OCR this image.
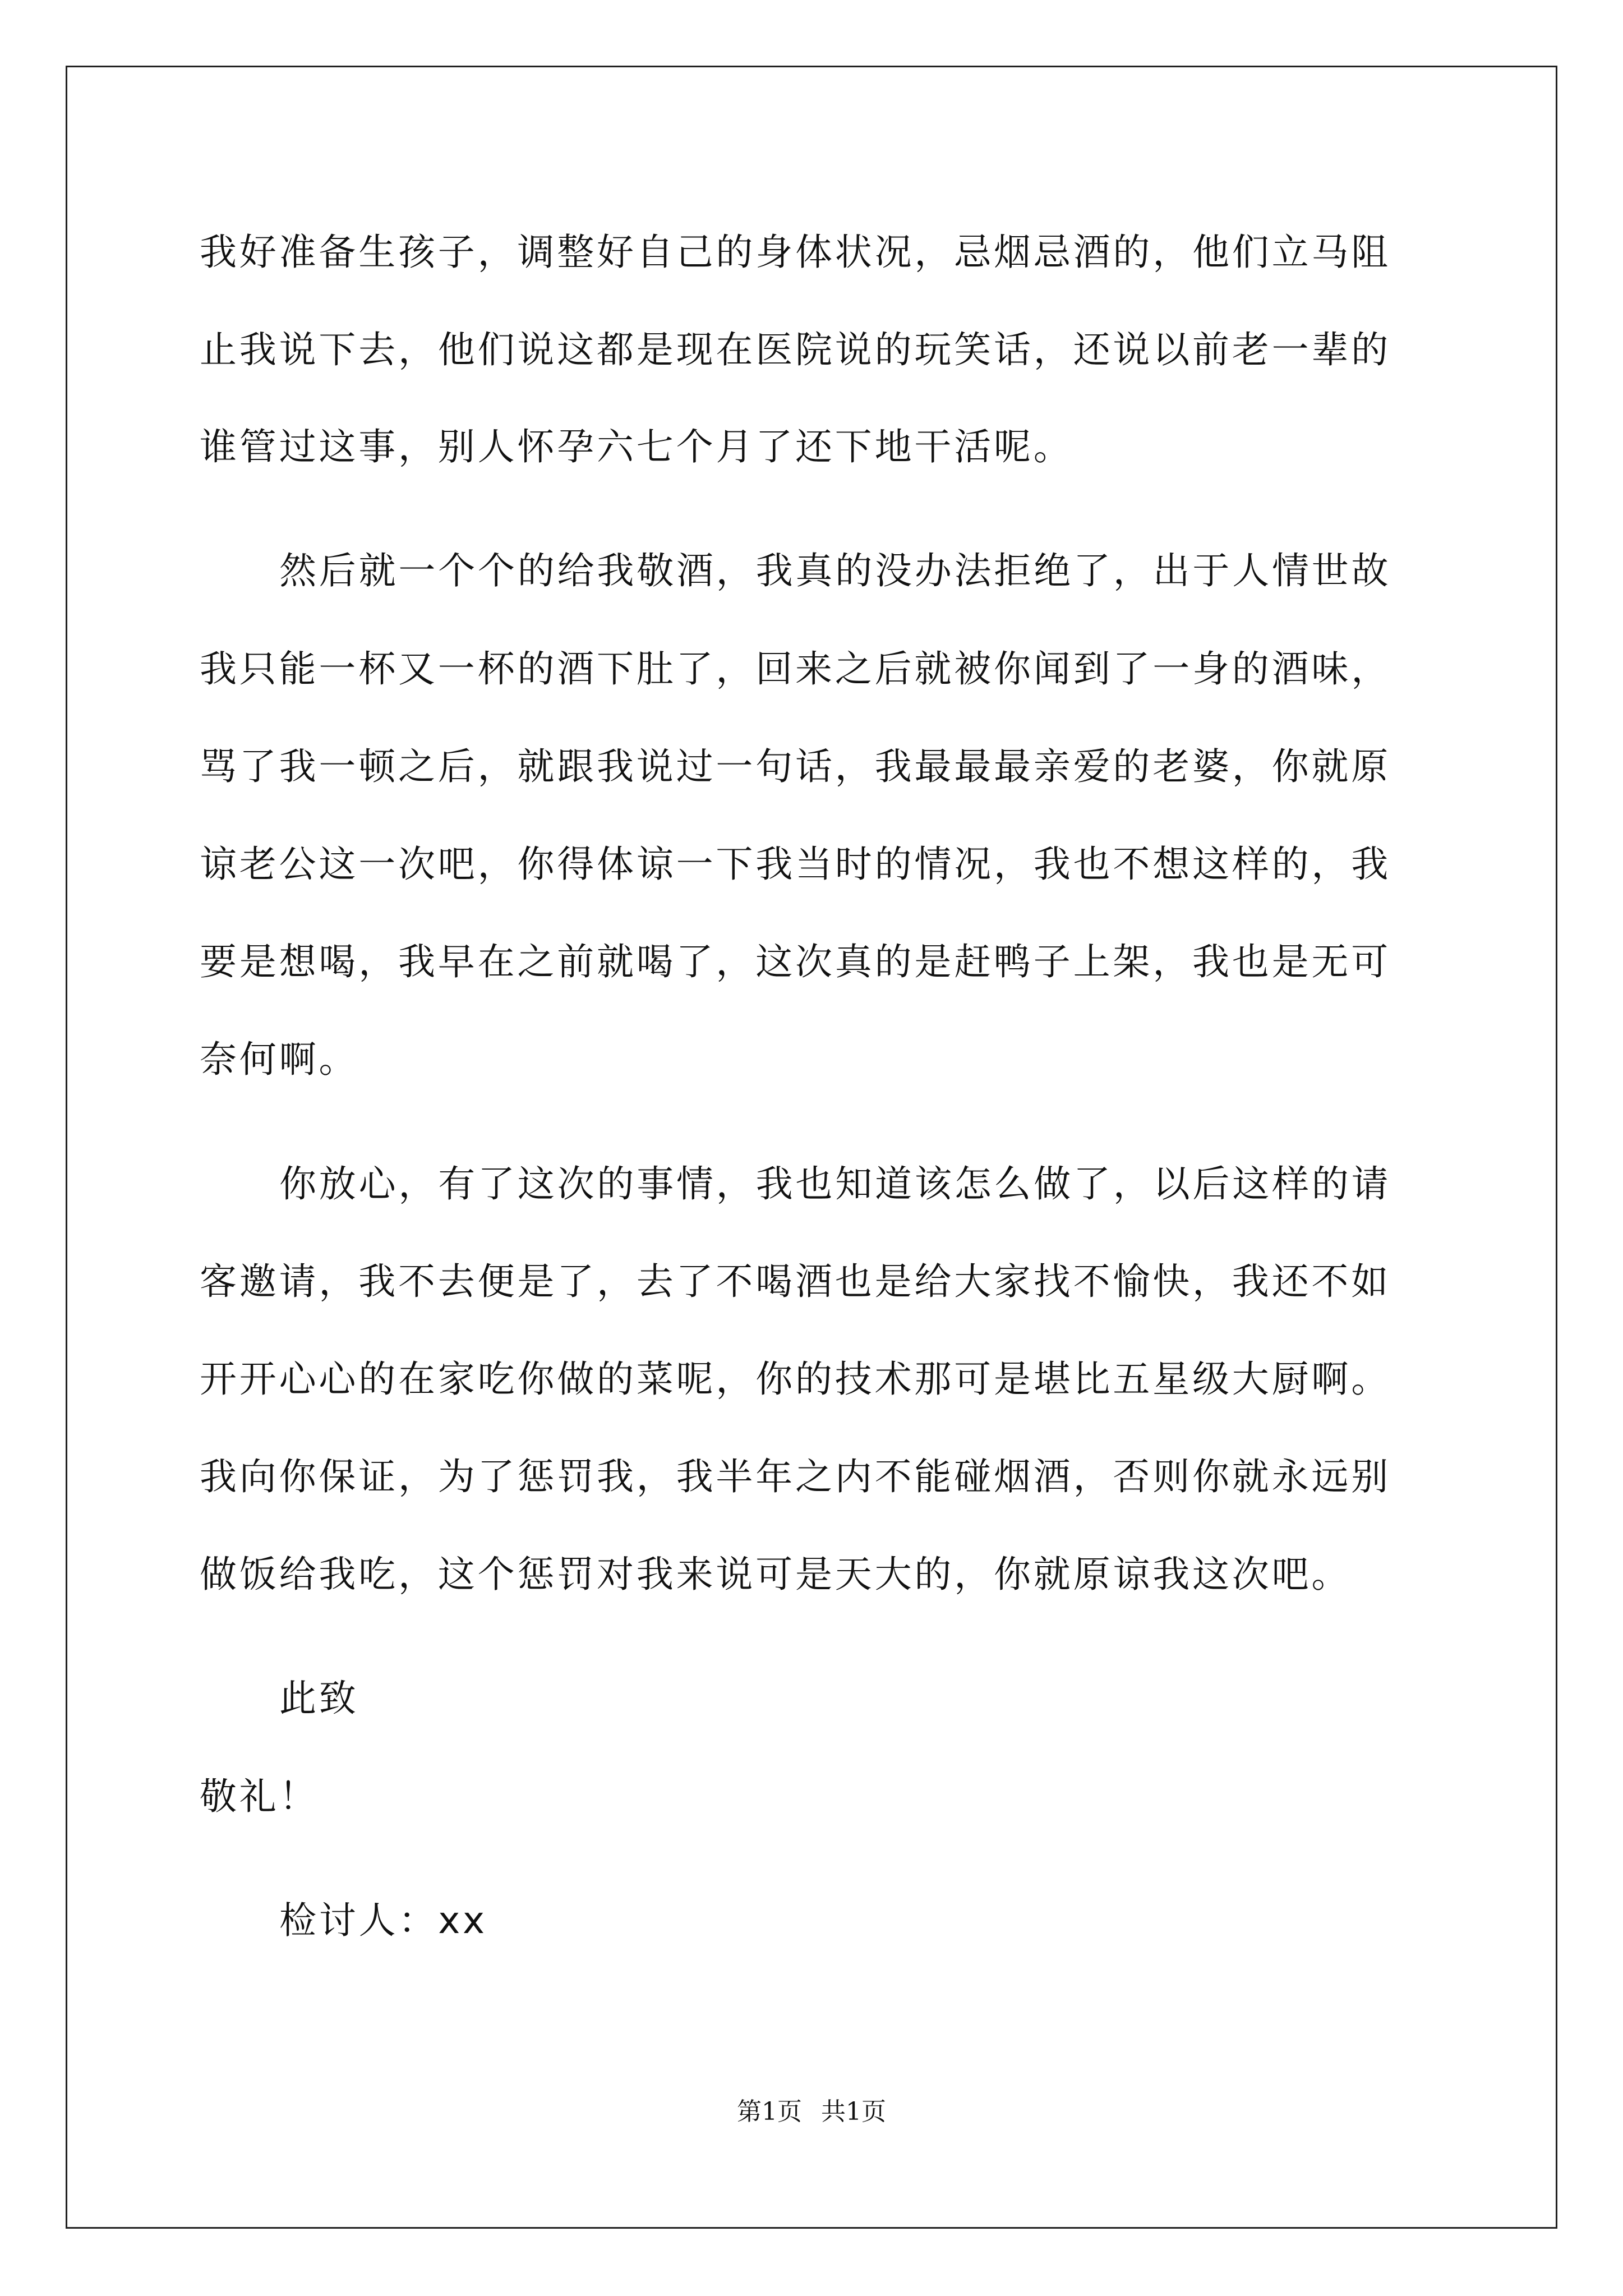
我好准备生孩子，调整好自己的身体状况，忌烟忌酒的，他们立马阻
止我说下去，他们说这都是现在医院说的玩笑话，还说以前老一辈的
谁管过这事，别人怀孕六七个月了还下地干活呢。
然后就一个个的给我敬酒，我真的没办法拒绝了，出于人情世故
我只能一杯又一杯的酒下肚了，回来之后就被你闻到了一身的酒味，
骂了我一顿之后，就跟我说过一句话，我最最最亲爱的老婆，你就原
谅老公这一次吧，你得体谅一下我当时的情况，我也不想这样的，我
要是想喝，我早在之前就喝了，这次真的是赶鸭子上架，我也是无可
奈何啊。
你放心，有了这次的事情，我也知道该怎么做了，以后这样的请
客邀请，我不去便是了，去了不喝酒也是给大家找不愉快，我还不如
开开心心的在家吃你做的菜呢，你的技术那可是堪比五星级大厨啊。
我向你保证，为了惩罚我，我半年之内不能碰烟酒，否则你就永远别
做饭给我吃，这个惩罚对我来说可是天大的，你就原谅我这次吧。
此致
敬礼！
检讨人：xx
第1页 共1页
